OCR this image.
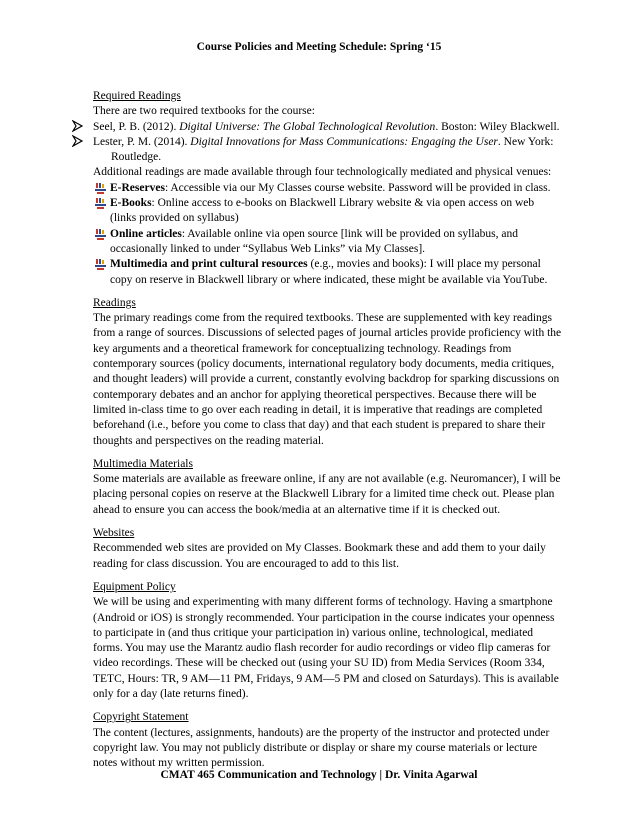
Course Policies and Meeting Schedule: Spring ‘15
Required Readings
There are two required textbooks for the course:
Seel, P. B. (2012). Digital Universe: The Global Technological Revolution. Boston: Wiley Blackwell.
Lester, P. M. (2014). Digital Innovations for Mass Communications: Engaging the User. New York: Routledge.
Additional readings are made available through four technologically mediated and physical venues:
E-Reserves: Accessible via our My Classes course website. Password will be provided in class.
E-Books: Online access to e-books on Blackwell Library website & via open access on web (links provided on syllabus)
Online articles: Available online via open source [link will be provided on syllabus, and occasionally linked to under “Syllabus Web Links” via My Classes].
Multimedia and print cultural resources (e.g., movies and books): I will place my personal copy on reserve in Blackwell library or where indicated, these might be available via YouTube.
Readings
The primary readings come from the required textbooks. These are supplemented with key readings from a range of sources. Discussions of selected pages of journal articles provide proficiency with the key arguments and a theoretical framework for conceptualizing technology. Readings from contemporary sources (policy documents, international regulatory body documents, media critiques, and thought leaders) will provide a current, constantly evolving backdrop for sparking discussions on contemporary debates and an anchor for applying theoretical perspectives. Because there will be limited in-class time to go over each reading in detail, it is imperative that readings are completed beforehand (i.e., before you come to class that day) and that each student is prepared to share their thoughts and perspectives on the reading material.
Multimedia Materials
Some materials are available as freeware online, if any are not available (e.g. Neuromancer), I will be placing personal copies on reserve at the Blackwell Library for a limited time check out. Please plan ahead to ensure you can access the book/media at an alternative time if it is checked out.
Websites
Recommended web sites are provided on My Classes. Bookmark these and add them to your daily reading for class discussion. You are encouraged to add to this list.
Equipment Policy
We will be using and experimenting with many different forms of technology. Having a smartphone (Android or iOS) is strongly recommended. Your participation in the course indicates your openness to participate in (and thus critique your participation in) various online, technological, mediated forms. You may use the Marantz audio flash recorder for audio recordings or video flip cameras for video recordings. These will be checked out (using your SU ID) from Media Services (Room 334, TETC, Hours: TR, 9 AM—11 PM, Fridays, 9 AM—5 PM and closed on Saturdays). This is available only for a day (late returns fined).
Copyright Statement
The content (lectures, assignments, handouts) are the property of the instructor and protected under copyright law. You may not publicly distribute or display or share my course materials or lecture notes without my written permission.
CMAT 465 Communication and Technology | Dr. Vinita Agarwal
